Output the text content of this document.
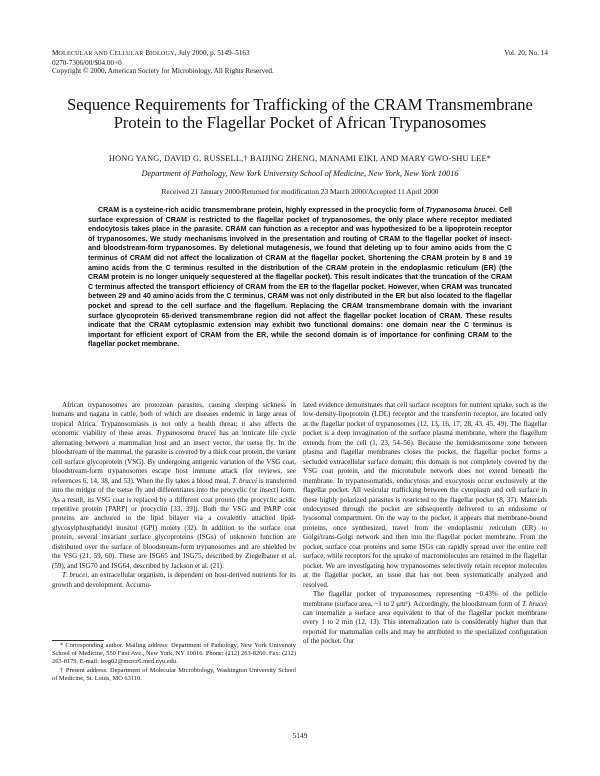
MOLECULAR AND CELLULAR BIOLOGY, July 2000, p. 5149–5163
0270-7306/00/$04.00+0
Copyright © 2000, American Society for Microbiology. All Rights Reserved.
Vol. 20, No. 14
Sequence Requirements for Trafficking of the CRAM Transmembrane Protein to the Flagellar Pocket of African Trypanosomes
HONG YANG, DAVID G. RUSSELL,† BAIJING ZHENG, MANAMI EIKI, AND MARY GWO-SHU LEE*
Department of Pathology, New York University School of Medicine, New York, New York 10016
Received 21 January 2000/Returned for modification 23 March 2000/Accepted 11 April 2000

CRAM is a cysteine-rich acidic transmembrane protein, highly expressed in the procyclic form of Trypanosoma brucei. Cell surface expression of CRAM is restricted to the flagellar pocket of trypanosomes, the only place where receptor mediated endocytosis takes place in the parasite. CRAM can function as a receptor and was hypothesized to be a lipoprotein receptor of trypanosomes. We study mechanisms involved in the presentation and routing of CRAM to the flagellar pocket of insect- and bloodstream-form trypanosomes. By deletional mutagenesis, we found that deleting up to four amino acids from the C terminus of CRAM did not affect the localization of CRAM at the flagellar pocket. Shortening the CRAM protein by 8 and 19 amino acids from the C terminus resulted in the distribution of the CRAM protein in the endoplasmic reticulum (ER) (the CRAM protein is no longer uniquely sequestered at the flagellar pocket). This result indicates that the truncation of the CRAM C terminus affected the transport efficiency of CRAM from the ER to the flagellar pocket. However, when CRAM was truncated between 29 and 40 amino acids from the C terminus, CRAM was not only distributed in the ER but also located to the flagellar pocket and spread to the cell surface and the flagellum. Replacing the CRAM transmembrane domain with the invariant surface glycoprotein 65-derived transmembrane region did not affect the flagellar pocket location of CRAM. These results indicate that the CRAM cytoplasmic extension may exhibit two functional domains: one domain near the C terminus is important for efficient export of CRAM from the ER, while the second domain is of importance for confining CRAM to the flagellar pocket membrane.

African trypanosomes are protozoan parasites, causing sleeping sickness in humans and nagana in cattle, both of which are diseases endemic in large areas of tropical Africa. Trypanosomiasis is not only a health threat; it also affects the economic viability of these areas. Trypanosoma brucei has an intricate life cycle alternating between a mammalian host and an insect vector, the tsetse fly. In the bloodstream of the mammal, the parasite is covered by a thick coat protein, the variant cell surface glycoprotein (VSG). By undergoing antigenic variation of the VSG coat, bloodstream-form trypanosomes escape host immune attack (for reviews, see references 6, 14, 38, and 53). When the fly takes a blood meal, T. brucei is transferred into the midgut of the tsetse fly and differentiates into the procyclic (or insect) form. As a result, its VSG coat is replaced by a different coat protein (the procyclic acidic repetitive protein [PARP] or procyclin [33, 39]). Both the VSG and PARP coat proteins are anchored to the lipid bilayer via a covalently attached lipid-glycosylphosphatidyl inositol (GPI) moiety (32). In addition to the surface coat protein, several invariant surface glycoproteins (ISGs) of unknown function are distributed over the surface of bloodstream-form trypanosomes and are shielded by the VSG (21, 59, 60). These are ISG65 and ISG75, described by Ziegelbauer et al. (59), and ISG70 and ISG64, described by Jackson et al. (21).

T. brucei, an extracellular organism, is dependent on host-derived nutrients for its growth and development. Accumu-

* Corresponding author. Mailing address: Department of Pathology, New York University School of Medicine, 550 First Ave., New York, NY 10016. Phone: (212) 263-8260. Fax: (212) 263-8179. E-mail: leeg02@mcrcr6.med.nyu.edu.

† Present address: Department of Molecular Microbiology, Washington University School of Medicine, St. Louis, MO 63110.

lated evidence demonstrates that cell surface receptors for nutrient uptake, such as the low-density-lipoprotein (LDL) receptor and the transferrin receptor, are located only at the flagellar pocket of trypanosomes (12, 13, 16, 17, 28, 43, 45, 49). The flagellar pocket is a deep invagination of the surface plasma membrane, where the flagellum extends from the cell (1, 23, 54–56). Because the hemidesmosome zone between plasma and flagellar membranes closes the pocket, the flagellar pocket forms a secluded extracellular surface domain; this domain is not completely covered by the VSG coat protein, and the microtubule network does not extend beneath the membrane. In trypanosomatids, endocytosis and exocytosis occur exclusively at the flagellar pocket. All vesicular trafficking between the cytoplasm and cell surface in these highly polarized parasites is restricted to the flagellar pocket (8, 37). Materials endocytosed through the pocket are subsequently delivered to an endosome or lysosomal compartment. On the way to the pocket, it appears that membrane-bound proteins, once synthesized, travel from the endoplasmic reticulum (ER) to Golgi/trans-Golgi network and then into the flagellar pocket membrane. From the pocket, surface coat proteins and some ISGs can rapidly spread over the entire cell surface, while receptors for the uptake of macromolecules are retained in the flagellar pocket. We are investigating how trypanosomes selectively retain receptor molecules at the flagellar pocket, an issue that has not been systematically analyzed and resolved.

The flagellar pocket of trypanosomes, representing ~0.43% of the pellicle membrane (surface area, ~1 to 2 μm²). Accordingly, the bloodstream form of T. brucei can internalize a surface area equivalent to that of the flagellar pocket membrane every 1 to 2 min (12, 13). This internalization rate is considerably higher than that reported for mammalian cells and may be attributed to the specialized configuration of the pocket. Our

5149
